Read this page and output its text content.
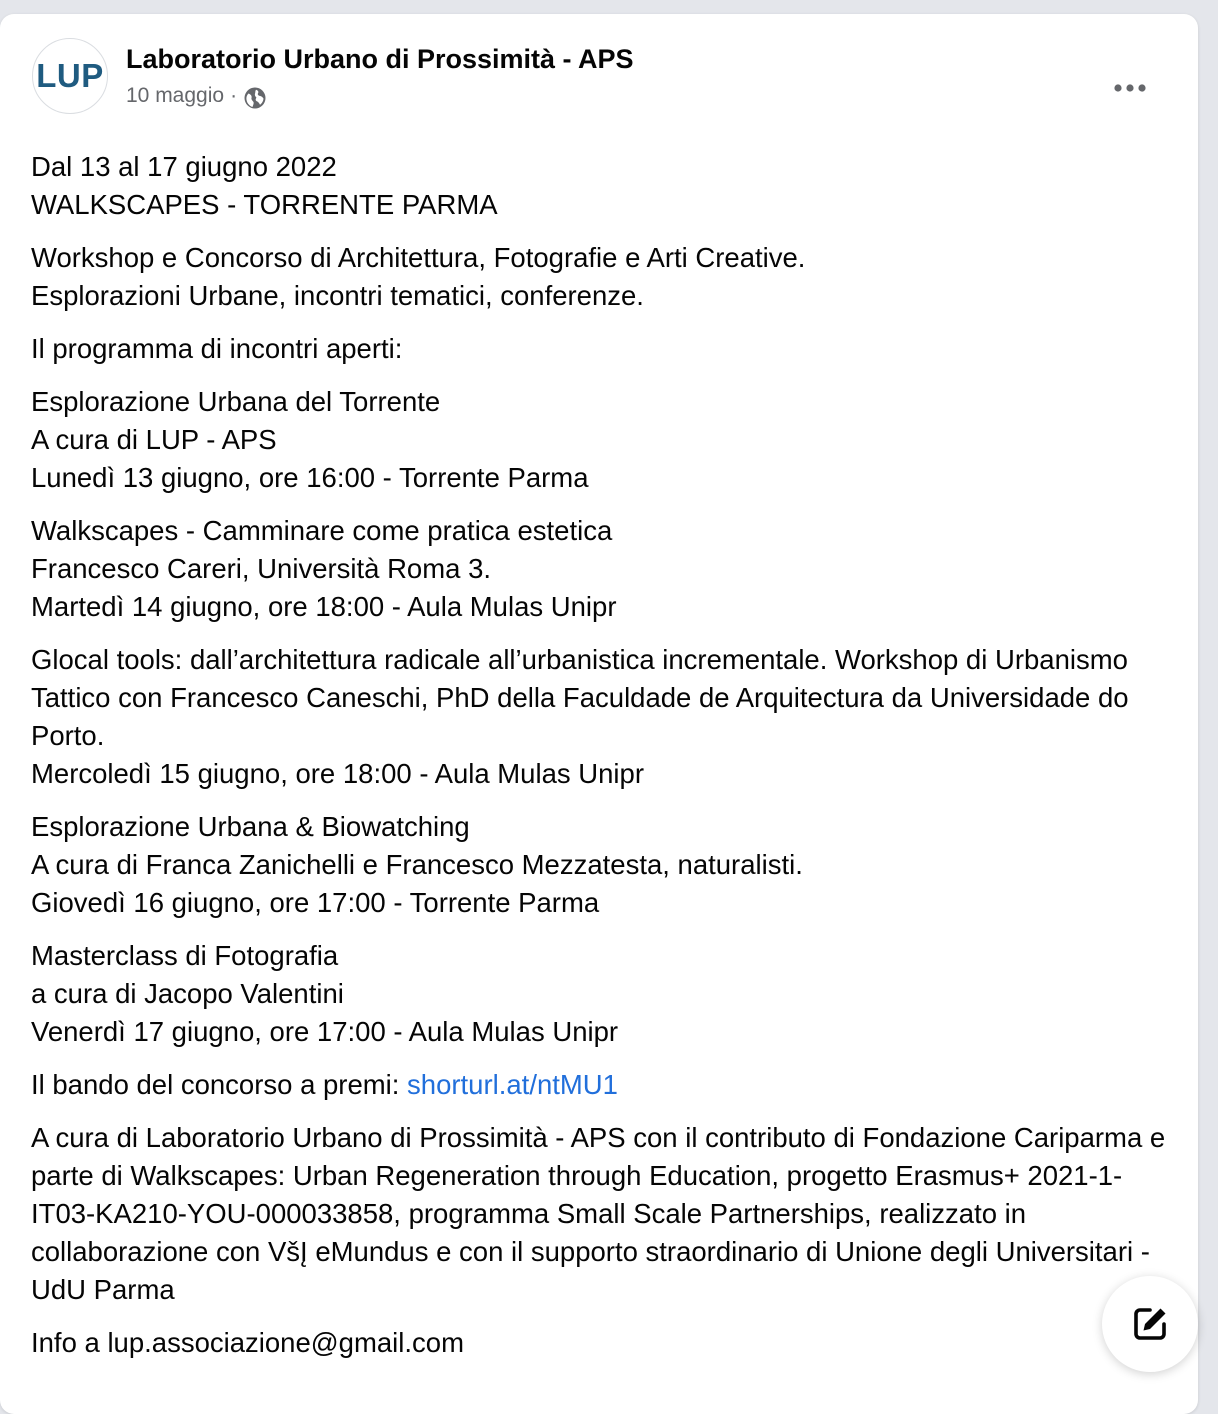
LUP Laboratorio Urbano di Prossimità - APS
10 maggio ·
Dal 13 al 17 giugno 2022
WALKSCAPES - TORRENTE PARMA
Workshop e Concorso di Architettura, Fotografie e Arti Creative.
Esplorazioni Urbane, incontri tematici, conferenze.
Il programma di incontri aperti:
Esplorazione Urbana del Torrente
A cura di LUP - APS
Lunedì 13 giugno, ore 16:00 - Torrente Parma
Walkscapes - Camminare come pratica estetica
Francesco Careri, Università Roma 3.
Martedì 14 giugno, ore 18:00 - Aula Mulas Unipr
Glocal tools: dall’architettura radicale all’urbanistica incrementale. Workshop di Urbanismo Tattico con Francesco Caneschi, PhD della Faculdade de Arquitectura da Universidade do Porto.
Mercoledì 15 giugno, ore 18:00 - Aula Mulas Unipr
Esplorazione Urbana & Biowatching
A cura di Franca Zanichelli e Francesco Mezzatesta, naturalisti.
Giovedì 16 giugno, ore 17:00 - Torrente Parma
Masterclass di Fotografia
a cura di Jacopo Valentini
Venerdì 17 giugno, ore 17:00 - Aula Mulas Unipr
Il bando del concorso a premi: shorturl.at/ntMU1
A cura di Laboratorio Urbano di Prossimità - APS con il contributo di Fondazione Cariparma e parte di Walkscapes: Urban Regeneration through Education, progetto Erasmus+ 2021-1-IT03-KA210-YOU-000033858, programma Small Scale Partnerships, realizzato in collaborazione con VšĮ eMundus e con il supporto straordinario di Unione degli Universitari - UdU Parma
Info a lup.associazione@gmail.com
